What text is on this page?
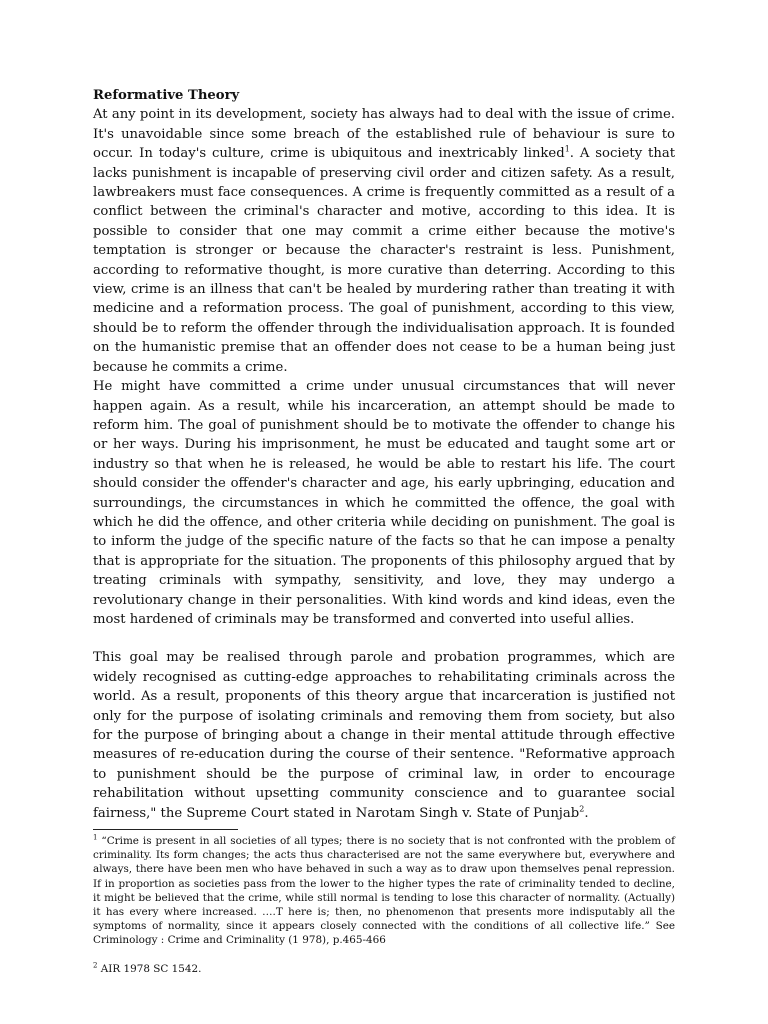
Reformative Theory

At any point in its development, society has always had to deal with the issue of crime. It's unavoidable since some breach of the established rule of behaviour is sure to occur. In today's culture, crime is ubiquitous and inextricably linked$^1$. A society that lacks punishment is incapable of preserving civil order and citizen safety. As a result, lawbreakers must face consequences. A crime is frequently committed as a result of a conflict between the criminal's character and motive, according to this idea. It is possible to consider that one may commit a crime either because the motive's temptation is stronger or because the character's restraint is less. Punishment, according to reformative thought, is more curative than deterring. According to this view, crime is an illness that can't be healed by murdering rather than treating it with medicine and a reformation process. The goal of punishment, according to this view, should be to reform the offender through the individualisation approach. It is founded on the humanistic premise that an offender does not cease to be a human being just because he commits a crime.

He might have committed a crime under unusual circumstances that will never happen again. As a result, while his incarceration, an attempt should be made to reform him. The goal of punishment should be to motivate the offender to change his or her ways. During his imprisonment, he must be educated and taught some art or industry so that when he is released, he would be able to restart his life. The court should consider the offender's character and age, his early upbringing, education and surroundings, the circumstances in which he committed the offence, the goal with which he did the offence, and other criteria while deciding on punishment. The goal is to inform the judge of the specific nature of the facts so that he can impose a penalty that is appropriate for the situation. The proponents of this philosophy argued that by treating criminals with sympathy, sensitivity, and love, they may undergo a revolutionary change in their personalities. With kind words and kind ideas, even the most hardened of criminals may be transformed and converted into useful allies.

This goal may be realised through parole and probation programmes, which are widely recognised as cutting-edge approaches to rehabilitating criminals across the world. As a result, proponents of this theory argue that incarceration is justified not only for the purpose of isolating criminals and removing them from society, but also for the purpose of bringing about a change in their mental attitude through effective measures of re-education during the course of their sentence. "Reformative approach to punishment should be the purpose of criminal law, in order to encourage rehabilitation without upsetting community conscience and to guarantee social fairness," the Supreme Court stated in Narotam Singh v. State of Punjab$^2$.

$^1$ “Crime is present in all societies of all types; there is no society that is not confronted with the problem of criminality. Its form changes; the acts thus characterised are not the same everywhere but, everywhere and always, there have been men who have behaved in such a way as to draw upon themselves penal repression. If in proportion as societies pass from the lower to the higher types the rate of criminality tended to decline, it might be believed that the crime, while still normal is tending to lose this character of normality. (Actually) it has every where increased. ….T here is; then, no phenomenon that presents more indisputably all the symptoms of normality, since it appears closely connected with the conditions of all collective life.” See Criminology : Crime and Criminality (1 978), p.465-466

$^2$ AIR 1978 SC 1542.
